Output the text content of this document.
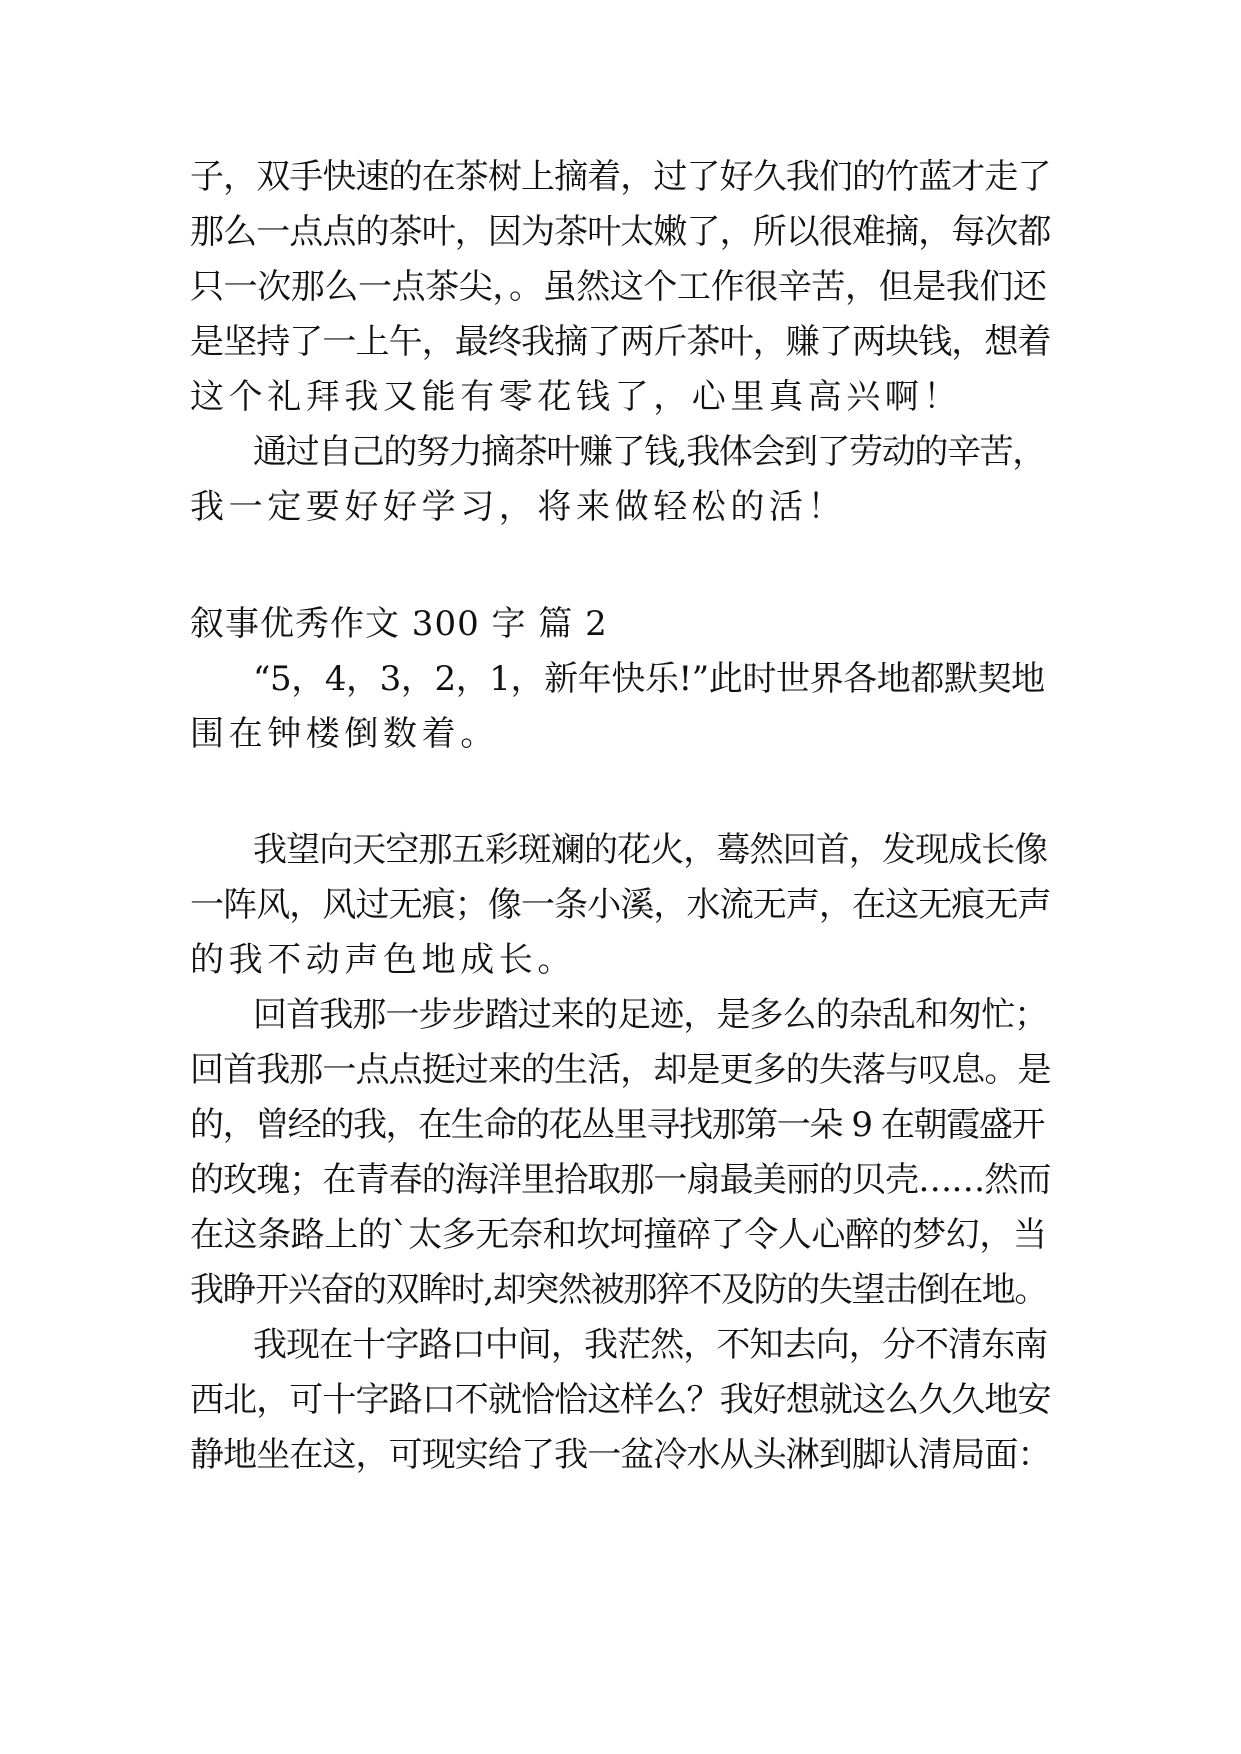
子，双手快速的在茶树上摘着，过了好久我们的竹蓝才走了
那么一点点的茶叶，因为茶叶太嫩了，所以很难摘，每次都
只一次那么一点茶尖，。虽然这个工作很辛苦，但是我们还
是坚持了一上午，最终我摘了两斤茶叶，赚了两块钱，想着
这个礼拜我又能有零花钱了，心里真高兴啊！
通过自己的努力摘茶叶赚了钱,我体会到了劳动的辛苦，
我一定要好好学习，将来做轻松的活！
叙事优秀作文 300 字 篇 2
“5，4，3，2，1，新年快乐!”此时世界各地都默契地
围在钟楼倒数着。
我望向天空那五彩斑斓的花火，蓦然回首，发现成长像
一阵风，风过无痕；像一条小溪，水流无声，在这无痕无声
的我不动声色地成长。
回首我那一步步踏过来的足迹，是多么的杂乱和匆忙；
回首我那一点点挺过来的生活，却是更多的失落与叹息。是
的，曾经的我，在生命的花丛里寻找那第一朵 9 在朝霞盛开
的玫瑰；在青春的海洋里拾取那一扇最美丽的贝壳……然而
在这条路上的`太多无奈和坎坷撞碎了令人心醉的梦幻，当
我睁开兴奋的双眸时,却突然被那猝不及防的失望击倒在地。
我现在十字路口中间，我茫然，不知去向，分不清东南
西北，可十字路口不就恰恰这样么？我好想就这么久久地安
静地坐在这，可现实给了我一盆冷水从头淋到脚认清局面：
